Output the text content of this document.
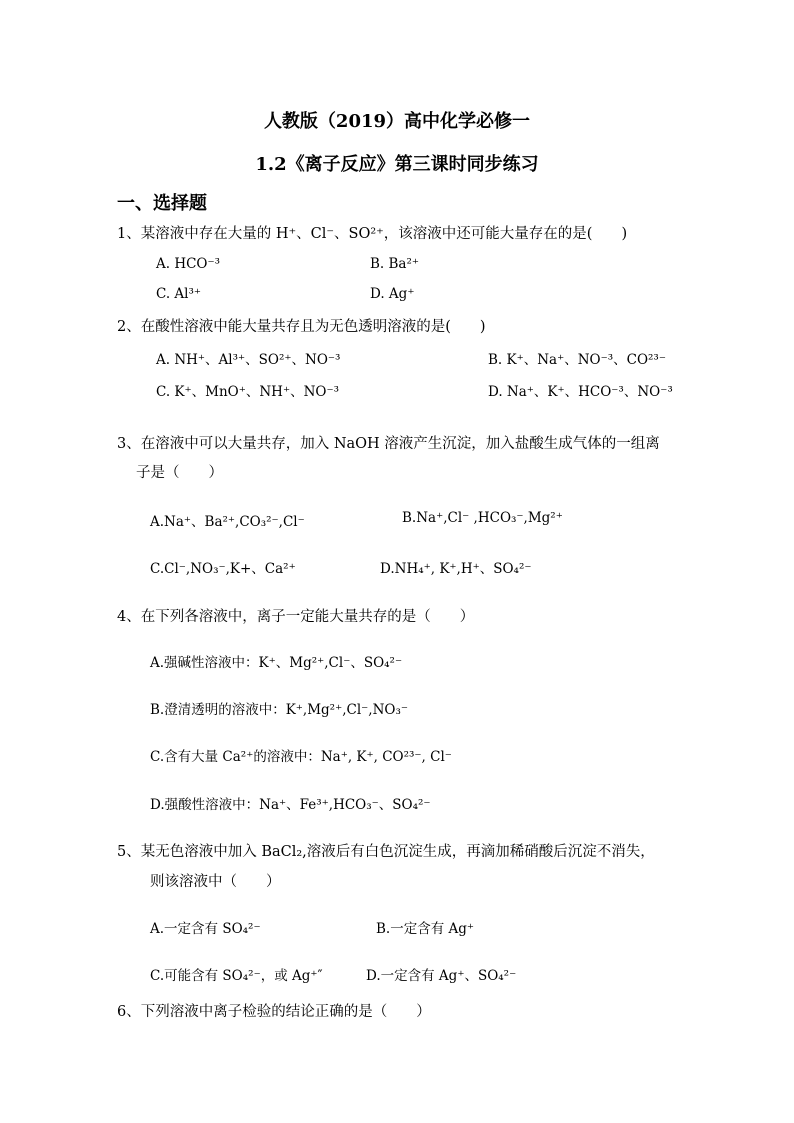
人教版（2019）高中化学必修一
1.2《离子反应》第三课时同步练习
一、选择题
1、某溶液中存在大量的 H⁺、Cl⁻、SO²⁺，该溶液中还可能大量存在的是(　　)
A. HCO⁻³	B. Ba²⁺
C. Al³⁺	D. Ag⁺
2、在酸性溶液中能大量共存且为无色透明溶液的是(　　)
A. NH⁺、Al³⁺、SO²⁺、NO⁻³	B. K⁺、Na⁺、NO⁻³、CO²³⁻
C. K⁺、MnO⁺、NH⁺、NO⁻³	D. Na⁺、K⁺、HCO⁻³、NO⁻³
3、在溶液中可以大量共存，加入 NaOH 溶液产生沉淀，加入盐酸生成气体的一组离
子是（　　）
A.Na⁺、Ba²⁺,CO₃²⁻,Cl⁻	B.Na⁺,Cl⁻ ,HCO₃⁻,Mg²⁺
C.Cl⁻,NO₃⁻,K+、Ca²⁺	D.NH₄⁺, K⁺,H⁺、SO₄²⁻
4、在下列各溶液中，离子一定能大量共存的是（　　）
A.强碱性溶液中：K⁺、Mg²⁺,Cl⁻、SO₄²⁻
B.澄清透明的溶液中：K⁺,Mg²⁺,Cl⁻,NO₃⁻
C.含有大量 Ca²⁺的溶液中：Na⁺, K⁺, CO²³⁻, Cl⁻
D.强酸性溶液中：Na⁺、Fe³⁺,HCO₃⁻、SO₄²⁻
5、某无色溶液中加入 BaCl₂,溶液后有白色沉淀生成，再滴加稀硝酸后沉淀不消失，
则该溶液中（　　）
A.一定含有 SO₄²⁻	B.一定含有 Ag⁺
C.可能含有 SO₄²⁻，或 Ag⁺″	D.一定含有 Ag⁺、SO₄²⁻
6、下列溶液中离子检验的结论正确的是（　　）
